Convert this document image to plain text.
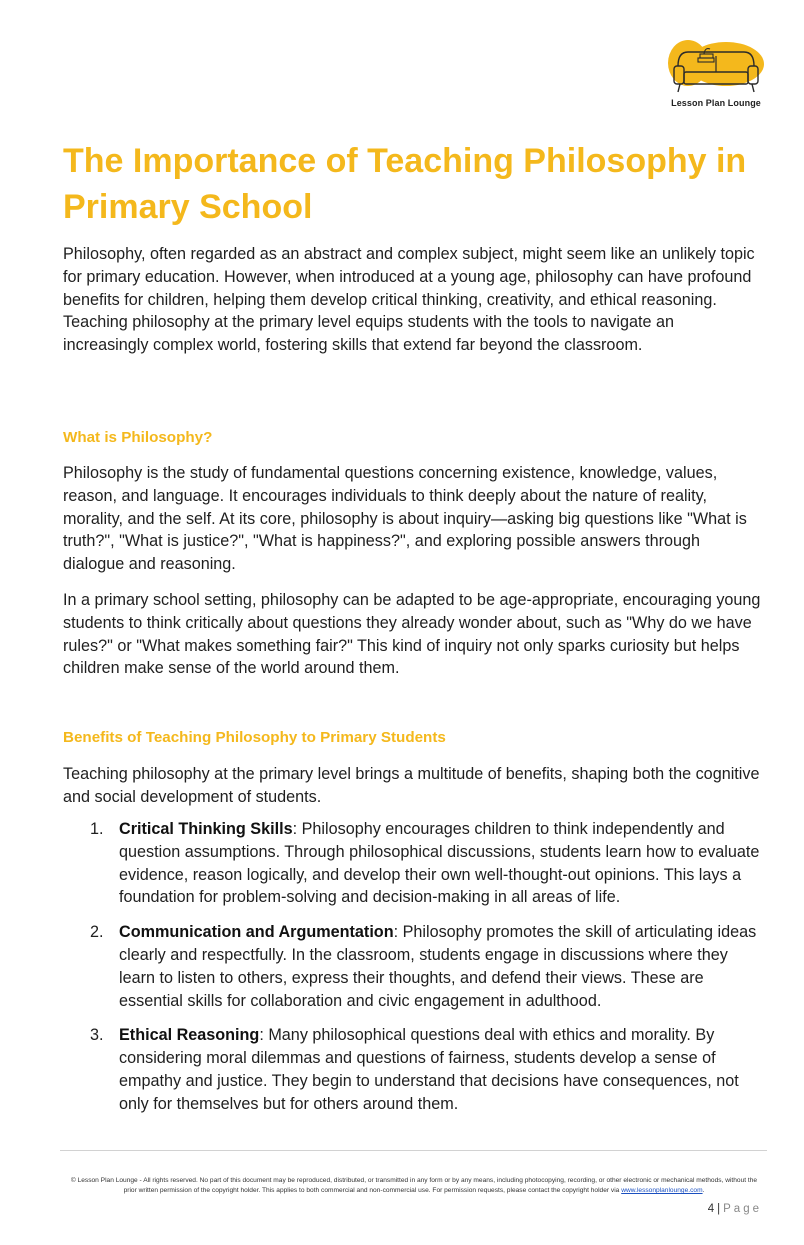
Lesson Plan Lounge
The Importance of Teaching Philosophy in Primary School

Philosophy, often regarded as an abstract and complex subject, might seem like an unlikely topic for primary education. However, when introduced at a young age, philosophy can have profound benefits for children, helping them develop critical thinking, creativity, and ethical reasoning. Teaching philosophy at the primary level equips students with the tools to navigate an increasingly complex world, fostering skills that extend far beyond the classroom.

What is Philosophy?

Philosophy is the study of fundamental questions concerning existence, knowledge, values, reason, and language. It encourages individuals to think deeply about the nature of reality, morality, and the self. At its core, philosophy is about inquiry—asking big questions like "What is truth?", "What is justice?", "What is happiness?", and exploring possible answers through dialogue and reasoning.

In a primary school setting, philosophy can be adapted to be age-appropriate, encouraging young students to think critically about questions they already wonder about, such as "Why do we have rules?" or "What makes something fair?" This kind of inquiry not only sparks curiosity but helps children make sense of the world around them.

Benefits of Teaching Philosophy to Primary Students

Teaching philosophy at the primary level brings a multitude of benefits, shaping both the cognitive and social development of students.

1. Critical Thinking Skills: Philosophy encourages children to think independently and question assumptions. Through philosophical discussions, students learn how to evaluate evidence, reason logically, and develop their own well-thought-out opinions. This lays a foundation for problem-solving and decision-making in all areas of life.
2. Communication and Argumentation: Philosophy promotes the skill of articulating ideas clearly and respectfully. In the classroom, students engage in discussions where they learn to listen to others, express their thoughts, and defend their views. These are essential skills for collaboration and civic engagement in adulthood.
3. Ethical Reasoning: Many philosophical questions deal with ethics and morality. By considering moral dilemmas and questions of fairness, students develop a sense of empathy and justice. They begin to understand that decisions have consequences, not only for themselves but for others around them.
© Lesson Plan Lounge - All rights reserved. No part of this document may be reproduced, distributed, or transmitted in any form or by any means, including photocopying, recording, or other electronic or mechanical methods, without the prior written permission of the copyright holder. This applies to both commercial and non-commercial use. For permission requests, please contact the copyright holder via www.lessonplanlounge.com.
4 | Page
